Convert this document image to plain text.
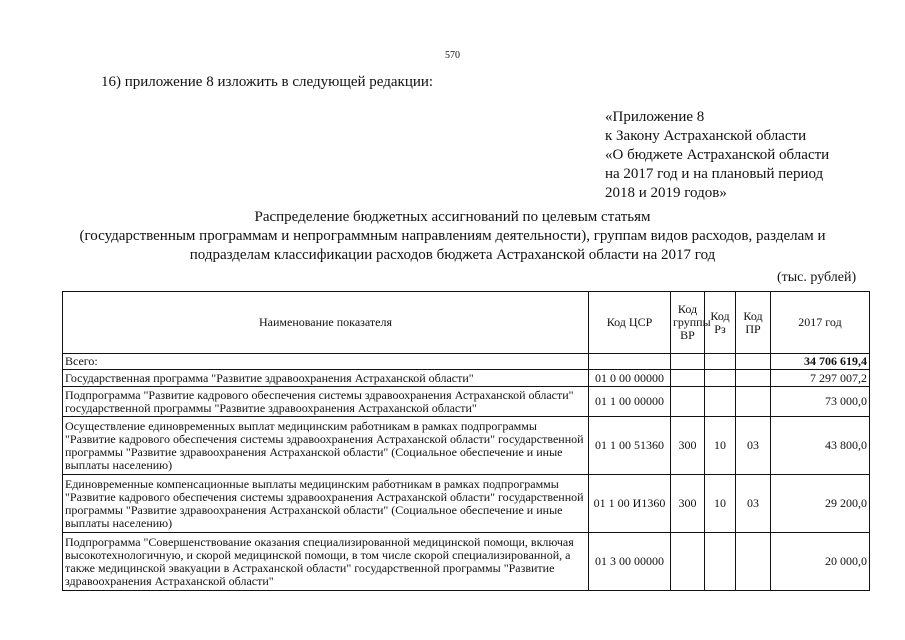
570
16) приложение 8 изложить в следующей редакции:
«Приложение 8
к Закону Астраханской области
«О бюджете Астраханской области
на 2017 год и на плановый период
2018 и 2019 годов»
Распределение бюджетных ассигнований по целевым статьям
(государственным программам и непрограммным направлениям деятельности), группам видов расходов, разделам и
подразделам классификации расходов бюджета Астраханской области на 2017 год
(тыс. рублей)
Наименование показателя	Код ЦСР	Код группы ВР	Код Рз	Код ПР	2017 год
Всего:					34 706 619,4
Государственная программа "Развитие здравоохранения Астраханской области"	01 0 00 00000				7 297 007,2
Подпрограмма "Развитие кадрового обеспечения системы здравоохранения Астраханской области" государственной программы "Развитие здравоохранения Астраханской области"	01 1 00 00000				73 000,0
Осуществление единовременных выплат медицинским работникам в рамках подпрограммы "Развитие кадрового обеспечения системы здравоохранения Астраханской области" государственной программы "Развитие здравоохранения Астраханской области" (Социальное обеспечение и иные выплаты населению)	01 1 00 51360	300	10	03	43 800,0
Единовременные компенсационные выплаты медицинским работникам в рамках подпрограммы "Развитие кадрового обеспечения системы здравоохранения Астраханской области" государственной программы "Развитие здравоохранения Астраханской области" (Социальное обеспечение и иные выплаты населению)	01 1 00 И1360	300	10	03	29 200,0
Подпрограмма "Совершенствование оказания специализированной медицинской помощи, включая высокотехнологичную, и скорой медицинской помощи, в том числе скорой специализированной, а также медицинской эвакуации в Астраханской области" государственной программы "Развитие здравоохранения Астраханской области"	01 3 00 00000				20 000,0
